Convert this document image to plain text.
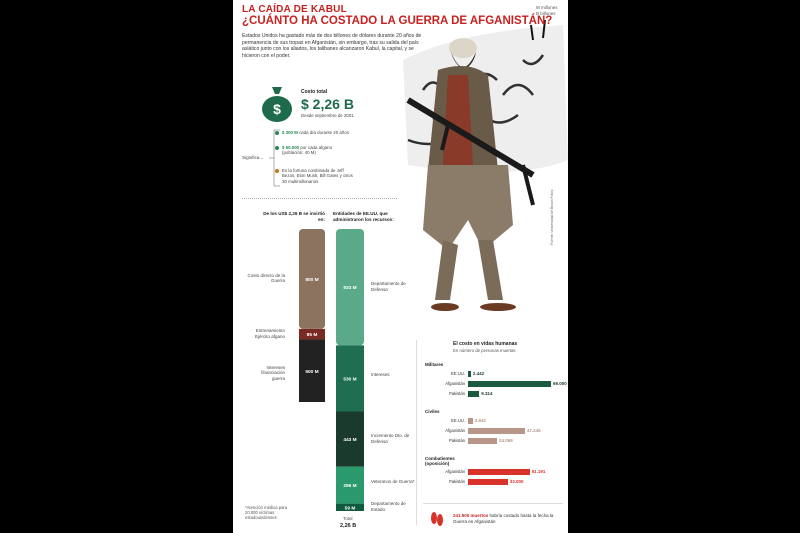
LA CAÍDA DE KABUL
¿CUÁNTO HA COSTADO LA GUERRA DE AFGANISTÁN?
M millones
B billones
Estados Unidos ha gastado más de dos billones de dólares durante 20 años de permanencia de sus tropas en Afganistán, sin embargo, tras su salida del país asiático junto con los aliados, los talibanes alcanzaron Kabul, la capital, y se hicieron con el poder.
$
Costo total
$ 2,26 B
Desde septiembre de 2001
Significa...
$ 300 M cada día durante 20 años
$ 50.000 por cada afgano (población: 40 M)
Es la fortuna combinada de Jeff Bezos, Elon Musk, Bill Gates y otros 30 multimillonarios
Fuente: Universidad de Brown Fotos:
De los US$ 2,26 B se invirtió en:
800 M
85 M
500 M
Entidades de EE.UU. que administraron los recursos:
933 M
530 M
443 M
296 M
59 M
Total
2,26 B
*Atención médica para 20.000 víctimas estadounidenses
El costo en vidas humanas
En número de personas muertas
241.500 muertos habría costado hasta la fecha la Guerra en Afganistán
Costo directo de la Guerra
Entrenamiento Ejército afgano
Intereses financiación guerra
Departamento de Defensa
Intereses
Incremento Dto. de Defensa
Veteranos de Guerra*
Departamento de Estado
Militares
EE.UU. 2.442
Afganistán	69.000
Pakistán	9.314
Civiles
EE.UU. 3.942
Afganistán	47.245
Pakistán	24.099
Combatientes (oposición)
Afganistán	51.191
Pakistán	33.000
